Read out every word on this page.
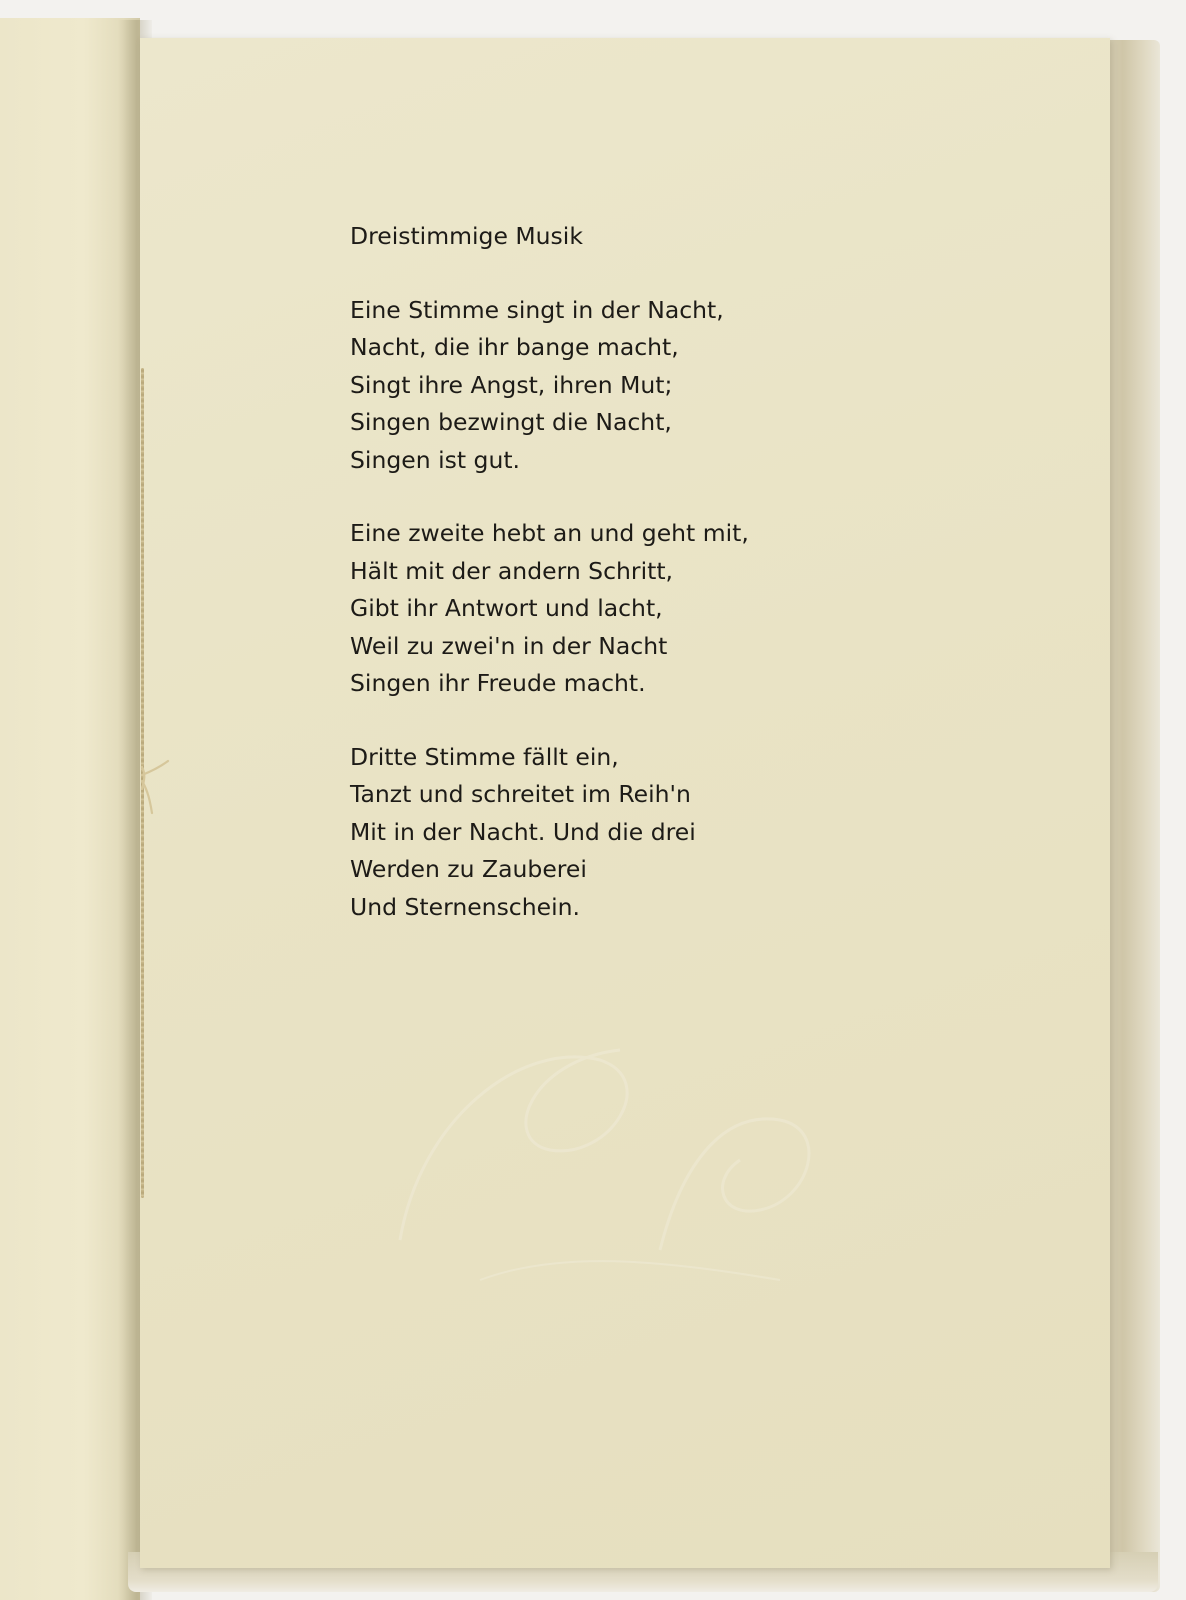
Dreistimmige Musik
Eine Stimme singt in der Nacht,
Nacht, die ihr bange macht,
Singt ihre Angst, ihren Mut;
Singen bezwingt die Nacht,
Singen ist gut.
Eine zweite hebt an und geht mit,
Hält mit der andern Schritt,
Gibt ihr Antwort und lacht,
Weil zu zwei'n in der Nacht
Singen ihr Freude macht.
Dritte Stimme fällt ein,
Tanzt und schreitet im Reih'n
Mit in der Nacht. Und die drei
Werden zu Zauberei
Und Sternenschein.
